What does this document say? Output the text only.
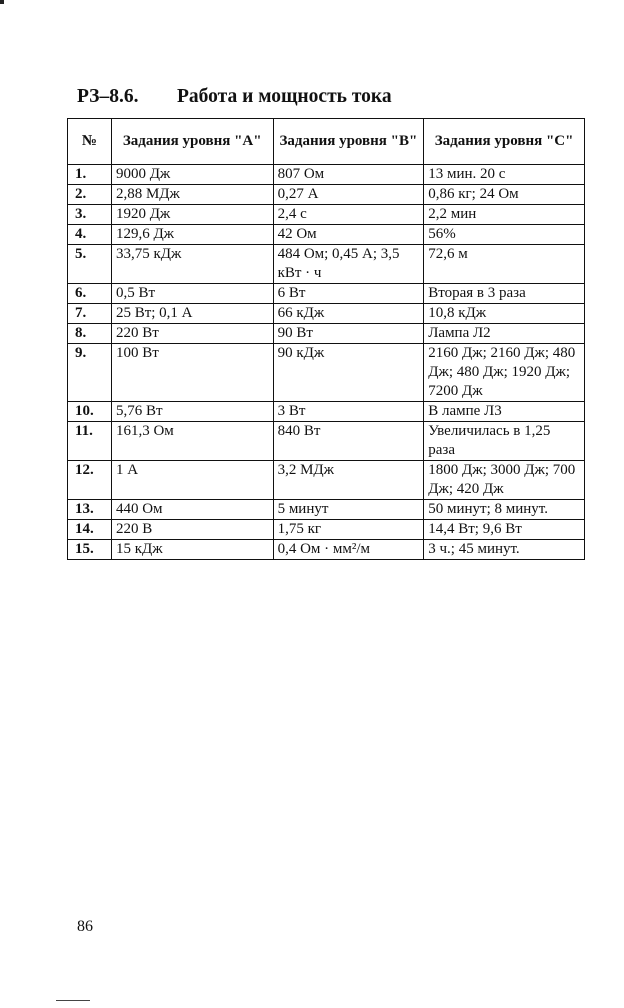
РЗ–8.6. Работа и мощность тока
№	Задания уровня "А"	Задания уровня "В"	Задания уровня "С"
1.	9000 Дж	807 Ом	13 мин. 20 с
2.	2,88 МДж	0,27 А	0,86 кг; 24 Ом
3.	1920 Дж	2,4 с	2,2 мин
4.	129,6 Дж	42 Ом	56%
5.	33,75 кДж	484 Ом; 0,45 А; 3,5 кВт · ч	72,6 м
6.	0,5 Вт	6 Вт	Вторая в 3 раза
7.	25 Вт; 0,1 А	66 кДж	10,8 кДж
8.	220 Вт	90 Вт	Лампа Л2
9.	100 Вт	90 кДж	2160 Дж; 2160 Дж; 480 Дж; 480 Дж; 1920 Дж; 7200 Дж
10.	5,76 Вт	3 Вт	В лампе Л3
11.	161,3 Ом	840 Вт	Увеличилась в 1,25 раза
12.	1 А	3,2 МДж	1800 Дж; 3000 Дж; 700 Дж; 420 Дж
13.	440 Ом	5 минут	50 минут; 8 минут.
14.	220 В	1,75 кг	14,4 Вт; 9,6 Вт
15.	15 кДж	0,4 Ом · мм²/м	3 ч.; 45 минут.
86
